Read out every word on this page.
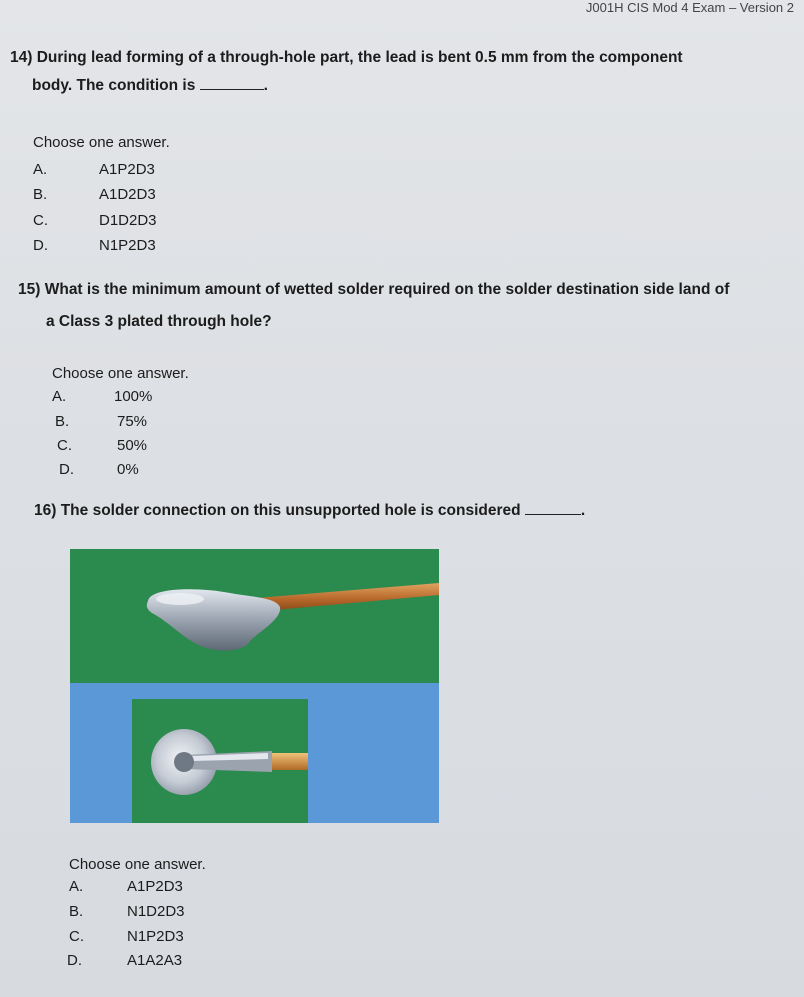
J001H CIS Mod 4 Exam – Version 2
14) During lead forming of a through-hole part, the lead is bent 0.5 mm from the component
body. The condition is	.
Choose one answer.
A.	A1P2D3
B.	A1D2D3
C.	D1D2D3
D.	N1P2D3
15) What is the minimum amount of wetted solder required on the solder destination side land of
a Class 3 plated through hole?
Choose one answer.
A.	100%
B.	75%
C.	50%
D.	0%
16) The solder connection on this unsupported hole is considered	.
Choose one answer.
A.	A1P2D3
B.	N1D2D3
C.	N1P2D3
D.	A1A2A3
